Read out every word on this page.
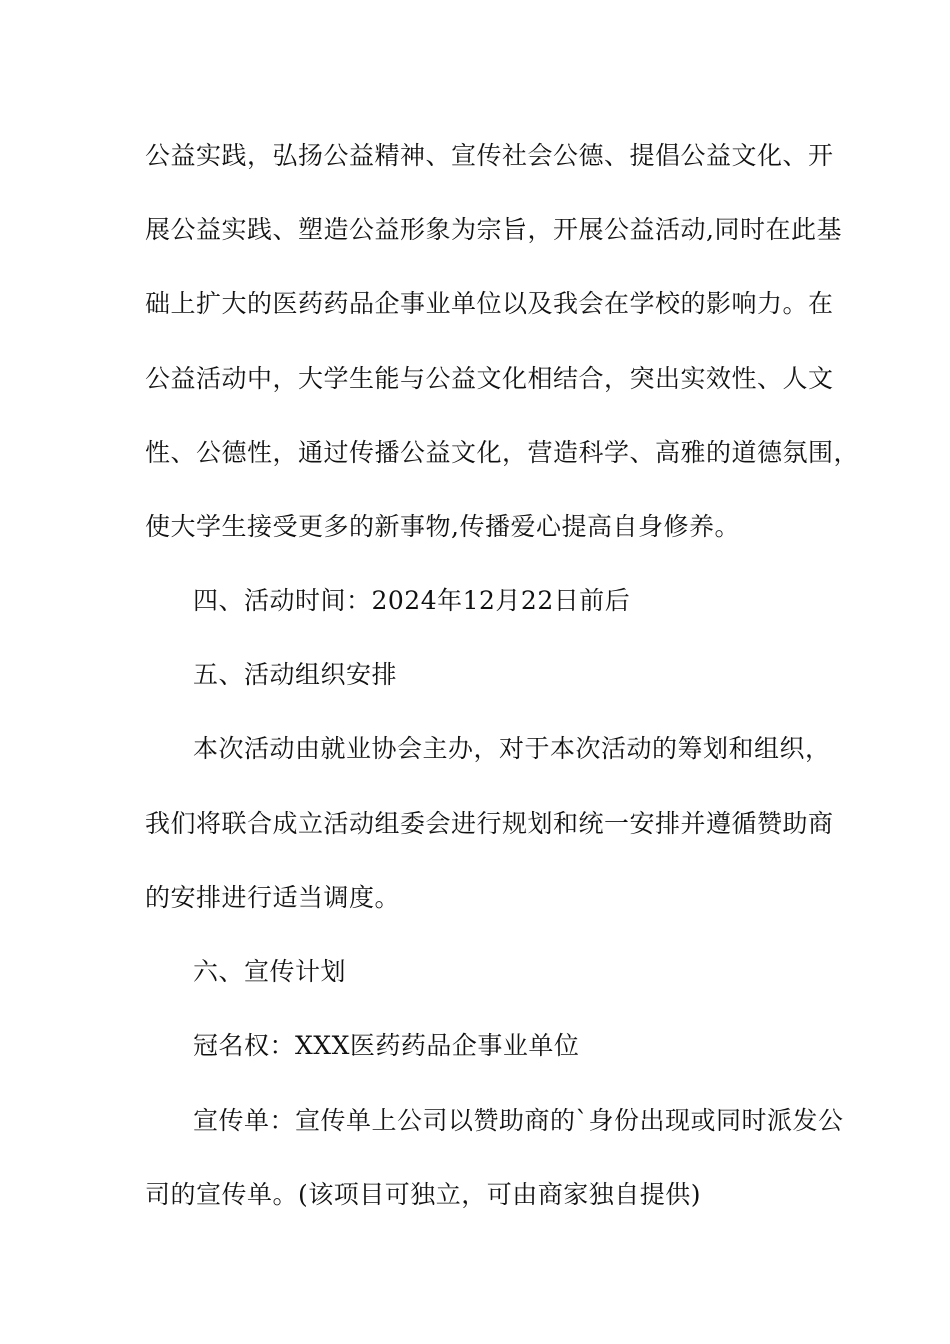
公益实践，弘扬公益精神、宣传社会公德、提倡公益文化、开
展公益实践、塑造公益形象为宗旨，开展公益活动,同时在此基
础上扩大的医药药品企事业单位以及我会在学校的影响力。在
公益活动中，大学生能与公益文化相结合，突出实效性、人文
性、公德性，通过传播公益文化，营造科学、高雅的道德氛围，
使大学生接受更多的新事物,传播爱心提高自身修养。
四、活动时间：2024年12月22日前后
五、活动组织安排
本次活动由就业协会主办，对于本次活动的筹划和组织，
我们将联合成立活动组委会进行规划和统一安排并遵循赞助商
的安排进行适当调度。
六、宣传计划
冠名权：XXX医药药品企事业单位
宣传单：宣传单上公司以赞助商的`身份出现或同时派发公
司的宣传单。(该项目可独立，可由商家独自提供)
